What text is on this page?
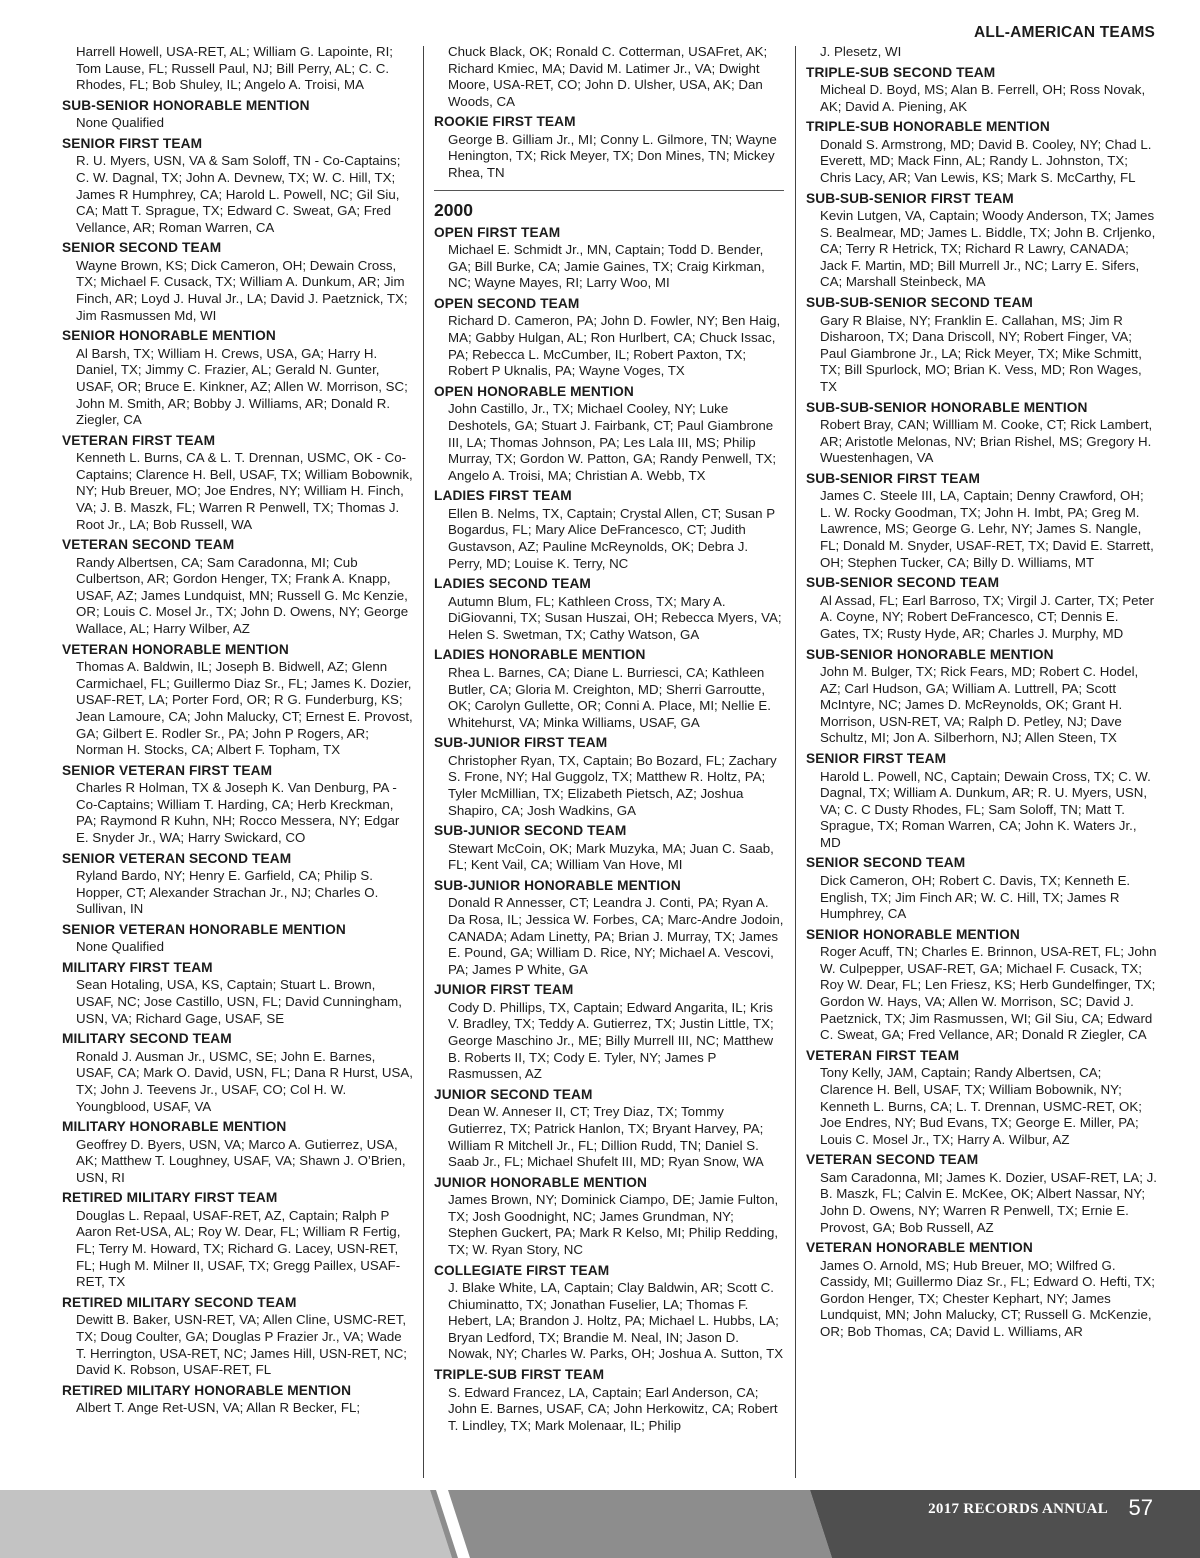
ALL-AMERICAN TEAMS
Harrell Howell, USA-RET, AL; William G. Lapointe, RI; Tom Lause, FL; Russell Paul, NJ; Bill Perry, AL; C. C. Rhodes, FL; Bob Shuley, IL; Angelo A. Troisi, MA
SUB-SENIOR HONORABLE MENTION
None Qualified
SENIOR FIRST TEAM
R. U. Myers, USN, VA & Sam Soloff, TN - Co-Captains; C. W. Dagnal, TX; John A. Devnew, TX; W. C. Hill, TX; James R Humphrey, CA; Harold L. Powell, NC; Gil Siu, CA; Matt T. Sprague, TX; Edward C. Sweat, GA; Fred Vellance, AR; Roman Warren, CA
SENIOR SECOND TEAM
Wayne Brown, KS; Dick Cameron, OH; Dewain Cross, TX; Michael F. Cusack, TX; William A. Dunkum, AR; Jim Finch, AR; Loyd J. Huval Jr., LA; David J. Paetznick, TX; Jim Rasmussen Md, WI
SENIOR HONORABLE MENTION
Al Barsh, TX; William H. Crews, USA, GA; Harry H. Daniel, TX; Jimmy C. Frazier, AL; Gerald N. Gunter, USAF, OR; Bruce E. Kinkner, AZ; Allen W. Morrison, SC; John M. Smith, AR; Bobby J. Williams, AR; Donald R. Ziegler, CA
VETERAN FIRST TEAM
Kenneth L. Burns, CA & L. T. Drennan, USMC, OK - Co-Captains; Clarence H. Bell, USAF, TX; William Bobownik, NY; Hub Breuer, MO; Joe Endres, NY; William H. Finch, VA; J. B. Maszk, FL; Warren R Penwell, TX; Thomas J. Root Jr., LA; Bob Russell, WA
VETERAN SECOND TEAM
Randy Albertsen, CA; Sam Caradonna, MI; Cub Culbertson, AR; Gordon Henger, TX; Frank A. Knapp, USAF, AZ; James Lundquist, MN; Russell G. Mc Kenzie, OR; Louis C. Mosel Jr., TX; John D. Owens, NY; George Wallace, AL; Harry Wilber, AZ
VETERAN HONORABLE MENTION
Thomas A. Baldwin, IL; Joseph B. Bidwell, AZ; Glenn Carmichael, FL; Guillermo Diaz Sr., FL; James K. Dozier, USAF-RET, LA; Porter Ford, OR; R G. Funderburg, KS; Jean Lamoure, CA; John Malucky, CT; Ernest E. Provost, GA; Gilbert E. Rodler Sr., PA; John P Rogers, AR; Norman H. Stocks, CA; Albert F. Topham, TX
SENIOR VETERAN FIRST TEAM
Charles R Holman, TX & Joseph K. Van Denburg, PA - Co-Captains; William T. Harding, CA; Herb Kreckman, PA; Raymond R Kuhn, NH; Rocco Messera, NY; Edgar E. Snyder Jr., WA; Harry Swickard, CO
SENIOR VETERAN SECOND TEAM
Ryland Bardo, NY; Henry E. Garfield, CA; Philip S. Hopper, CT; Alexander Strachan Jr., NJ; Charles O. Sullivan, IN
SENIOR VETERAN HONORABLE MENTION
None Qualified
MILITARY FIRST TEAM
Sean Hotaling, USA, KS, Captain; Stuart L. Brown, USAF, NC; Jose Castillo, USN, FL; David Cunningham, USN, VA; Richard Gage, USAF, SE
MILITARY SECOND TEAM
Ronald J. Ausman Jr., USMC, SE; John E. Barnes, USAF, CA; Mark O. David, USN, FL; Dana R Hurst, USA, TX; John J. Teevens Jr., USAF, CO; Col H. W. Youngblood, USAF, VA
MILITARY HONORABLE MENTION
Geoffrey D. Byers, USN, VA; Marco A. Gutierrez, USA, AK; Matthew T. Loughney, USAF, VA; Shawn J. O’Brien, USN, RI
RETIRED MILITARY FIRST TEAM
Douglas L. Repaal, USAF-RET, AZ, Captain; Ralph P Aaron Ret-USA, AL; Roy W. Dear, FL; William R Fertig, FL; Terry M. Howard, TX; Richard G. Lacey, USN-RET, FL; Hugh M. Milner II, USAF, TX; Gregg Paillex, USAF-RET, TX
RETIRED MILITARY SECOND TEAM
Dewitt B. Baker, USN-RET, VA; Allen Cline, USMC-RET, TX; Doug Coulter, GA; Douglas P Frazier Jr., VA; Wade T. Herrington, USA-RET, NC; James Hill, USN-RET, NC; David K. Robson, USAF-RET, FL
RETIRED MILITARY HONORABLE MENTION
Albert T. Ange Ret-USN, VA; Allan R Becker, FL;
Chuck Black, OK; Ronald C. Cotterman, USAFret, AK; Richard Kmiec, MA; David M. Latimer Jr., VA; Dwight Moore, USA-RET, CO; John D. Ulsher, USA, AK; Dan Woods, CA
ROOKIE FIRST TEAM
George B. Gilliam Jr., MI; Conny L. Gilmore, TN; Wayne Henington, TX; Rick Meyer, TX; Don Mines, TN; Mickey Rhea, TN
2000
OPEN FIRST TEAM
Michael E. Schmidt Jr., MN, Captain; Todd D. Bender, GA; Bill Burke, CA; Jamie Gaines, TX; Craig Kirkman, NC; Wayne Mayes, RI; Larry Woo, MI
OPEN SECOND TEAM
Richard D. Cameron, PA; John D. Fowler, NY; Ben Haig, MA; Gabby Hulgan, AL; Ron Hurlbert, CA; Chuck Issac, PA; Rebecca L. McCumber, IL; Robert Paxton, TX; Robert P Uknalis, PA; Wayne Voges, TX
OPEN HONORABLE MENTION
John Castillo, Jr., TX; Michael Cooley, NY; Luke Deshotels, GA; Stuart J. Fairbank, CT; Paul Giambrone III, LA; Thomas Johnson, PA; Les Lala III, MS; Philip Murray, TX; Gordon W. Patton, GA; Randy Penwell, TX; Angelo A. Troisi, MA; Christian A. Webb, TX
LADIES FIRST TEAM
Ellen B. Nelms, TX, Captain; Crystal Allen, CT; Susan P Bogardus, FL; Mary Alice DeFrancesco, CT; Judith Gustavson, AZ; Pauline McReynolds, OK; Debra J. Perry, MD; Louise K. Terry, NC
LADIES SECOND TEAM
Autumn Blum, FL; Kathleen Cross, TX; Mary A. DiGiovanni, TX; Susan Huszai, OH; Rebecca Myers, VA; Helen S. Swetman, TX; Cathy Watson, GA
LADIES HONORABLE MENTION
Rhea L. Barnes, CA; Diane L. Burriesci, CA; Kathleen Butler, CA; Gloria M. Creighton, MD; Sherri Garroutte, OK; Carolyn Gullette, OR; Conni A. Place, MI; Nellie E. Whitehurst, VA; Minka Williams, USAF, GA
SUB-JUNIOR FIRST TEAM
Christopher Ryan, TX, Captain; Bo Bozard, FL; Zachary S. Frone, NY; Hal Guggolz, TX; Matthew R. Holtz, PA; Tyler McMillian, TX; Elizabeth Pietsch, AZ; Joshua Shapiro, CA; Josh Wadkins, GA
SUB-JUNIOR SECOND TEAM
Stewart McCoin, OK; Mark Muzyka, MA; Juan C. Saab, FL; Kent Vail, CA; William Van Hove, MI
SUB-JUNIOR HONORABLE MENTION
Donald R Annesser, CT; Leandra J. Conti, PA; Ryan A. Da Rosa, IL; Jessica W. Forbes, CA; Marc-Andre Jodoin, CANADA; Adam Linetty, PA; Brian J. Murray, TX; James E. Pound, GA; William D. Rice, NY; Michael A. Vescovi, PA; James P White, GA
JUNIOR FIRST TEAM
Cody D. Phillips, TX, Captain; Edward Angarita, IL; Kris V. Bradley, TX; Teddy A. Gutierrez, TX; Justin Little, TX; George Maschino Jr., ME; Billy Murrell III, NC; Matthew B. Roberts II, TX; Cody E. Tyler, NY; James P Rasmussen, AZ
JUNIOR SECOND TEAM
Dean W. Anneser II, CT; Trey Diaz, TX; Tommy Gutierrez, TX; Patrick Hanlon, TX; Bryant Harvey, PA; William R Mitchell Jr., FL; Dillion Rudd, TN; Daniel S. Saab Jr., FL; Michael Shufelt III, MD; Ryan Snow, WA
JUNIOR HONORABLE MENTION
James Brown, NY; Dominick Ciampo, DE; Jamie Fulton, TX; Josh Goodnight, NC; James Grundman, NY; Stephen Guckert, PA; Mark R Kelso, MI; Philip Redding, TX; W. Ryan Story, NC
COLLEGIATE FIRST TEAM
J. Blake White, LA, Captain; Clay Baldwin, AR; Scott C. Chiuminatto, TX; Jonathan Fuselier, LA; Thomas F. Hebert, LA; Brandon J. Holtz, PA; Michael L. Hubbs, LA; Bryan Ledford, TX; Brandie M. Neal, IN; Jason D. Nowak, NY; Charles W. Parks, OH; Joshua A. Sutton, TX
TRIPLE-SUB FIRST TEAM
S. Edward Francez, LA, Captain; Earl Anderson, CA; John E. Barnes, USAF, CA; John Herkowitz, CA; Robert T. Lindley, TX; Mark Molenaar, IL; Philip
J. Plesetz, WI
TRIPLE-SUB SECOND TEAM
Micheal D. Boyd, MS; Alan B. Ferrell, OH; Ross Novak, AK; David A. Piening, AK
TRIPLE-SUB HONORABLE MENTION
Donald S. Armstrong, MD; David B. Cooley, NY; Chad L. Everett, MD; Mack Finn, AL; Randy L. Johnston, TX; Chris Lacy, AR; Van Lewis, KS; Mark S. McCarthy, FL
SUB-SUB-SENIOR FIRST TEAM
Kevin Lutgen, VA, Captain; Woody Anderson, TX; James S. Bealmear, MD; James L. Biddle, TX; John B. Crljenko, CA; Terry R Hetrick, TX; Richard R Lawry, CANADA; Jack F. Martin, MD; Bill Murrell Jr., NC; Larry E. Sifers, CA; Marshall Steinbeck, MA
SUB-SUB-SENIOR SECOND TEAM
Gary R Blaise, NY; Franklin E. Callahan, MS; Jim R Disharoon, TX; Dana Driscoll, NY; Robert Finger, VA; Paul Giambrone Jr., LA; Rick Meyer, TX; Mike Schmitt, TX; Bill Spurlock, MO; Brian K. Vess, MD; Ron Wages, TX
SUB-SUB-SENIOR HONORABLE MENTION
Robert Bray, CAN; Willliam M. Cooke, CT; Rick Lambert, AR; Aristotle Melonas, NV; Brian Rishel, MS; Gregory H. Wuestenhagen, VA
SUB-SENIOR FIRST TEAM
James C. Steele III, LA, Captain; Denny Crawford, OH; L. W. Rocky Goodman, TX; John H. Imbt, PA; Greg M. Lawrence, MS; George G. Lehr, NY; James S. Nangle, FL; Donald M. Snyder, USAF-RET, TX; David E. Starrett, OH; Stephen Tucker, CA; Billy D. Williams, MT
SUB-SENIOR SECOND TEAM
Al Assad, FL; Earl Barroso, TX; Virgil J. Carter, TX; Peter A. Coyne, NY; Robert DeFrancesco, CT; Dennis E. Gates, TX; Rusty Hyde, AR; Charles J. Murphy, MD
SUB-SENIOR HONORABLE MENTION
John M. Bulger, TX; Rick Fears, MD; Robert C. Hodel, AZ; Carl Hudson, GA; William A. Luttrell, PA; Scott McIntyre, NC; James D. McReynolds, OK; Grant H. Morrison, USN-RET, VA; Ralph D. Petley, NJ; Dave Schultz, MI; Jon A. Silberhorn, NJ; Allen Steen, TX
SENIOR FIRST TEAM
Harold L. Powell, NC, Captain; Dewain Cross, TX; C. W. Dagnal, TX; William A. Dunkum, AR; R. U. Myers, USN, VA; C. C Dusty Rhodes, FL; Sam Soloff, TN; Matt T. Sprague, TX; Roman Warren, CA; John K. Waters Jr., MD
SENIOR SECOND TEAM
Dick Cameron, OH; Robert C. Davis, TX; Kenneth E. English, TX; Jim Finch AR; W. C. Hill, TX; James R Humphrey, CA
SENIOR HONORABLE MENTION
Roger Acuff, TN; Charles E. Brinnon, USA-RET, FL; John W. Culpepper, USAF-RET, GA; Michael F. Cusack, TX; Roy W. Dear, FL; Len Friesz, KS; Herb Gundelfinger, TX; Gordon W. Hays, VA; Allen W. Morrison, SC; David J. Paetznick, TX; Jim Rasmussen, WI; Gil Siu, CA; Edward C. Sweat, GA; Fred Vellance, AR; Donald R Ziegler, CA
VETERAN FIRST TEAM
Tony Kelly, JAM, Captain; Randy Albertsen, CA; Clarence H. Bell, USAF, TX; William Bobownik, NY; Kenneth L. Burns, CA; L. T. Drennan, USMC-RET, OK; Joe Endres, NY; Bud Evans, TX; George E. Miller, PA; Louis C. Mosel Jr., TX; Harry A. Wilbur, AZ
VETERAN SECOND TEAM
Sam Caradonna, MI; James K. Dozier, USAF-RET, LA; J. B. Maszk, FL; Calvin E. McKee, OK; Albert Nassar, NY; John D. Owens, NY; Warren R Penwell, TX; Ernie E. Provost, GA; Bob Russell, AZ
VETERAN HONORABLE MENTION
James O. Arnold, MS; Hub Breuer, MO; Wilfred G. Cassidy, MI; Guillermo Diaz Sr., FL; Edward O. Hefti, TX; Gordon Henger, TX; Chester Kephart, NY; James Lundquist, MN; John Malucky, CT; Russell G. McKenzie, OR; Bob Thomas, CA; David L. Williams, AR
2017 RECORDS ANNUAL 57
